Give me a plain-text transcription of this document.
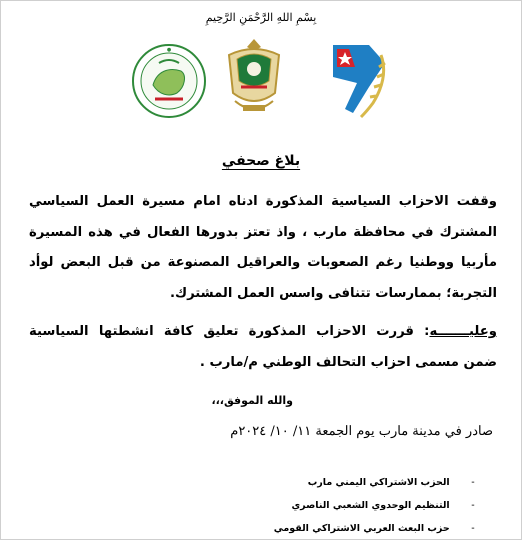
بِسْمِ اللهِ الرَّحْمَنِ الرَّحِيمِ
●
بلاغ صحفي
وقفت الاحزاب السياسية المذكورة ادناه امام مسيرة العمل السياسي
المشترك في محافظة مارب ، واذ تعتز بدورها الفعال في هذه المسيرة
مأربيا ووطنيا رغم الصعوبات والعراقيل المصنوعة من قبل البعض لوأد
التجربة؛ بممارسات تتنافى واسس العمل المشترك.
وعليـــــــه: قررت الاحزاب المذكورة تعليق كافة انشطتها السياسية
ضمن مسمى احزاب التحالف الوطني م/مارب .
والله الموفق،،،
صادر في مدينة مارب يوم الجمعة ١١/ ١٠/ ٢٠٢٤م
- الحزب الاشتراكي اليمني مارب
- التنظيم الوحدوي الشعبي الناصري
- حزب البعث العربي الاشتراكي القومي
